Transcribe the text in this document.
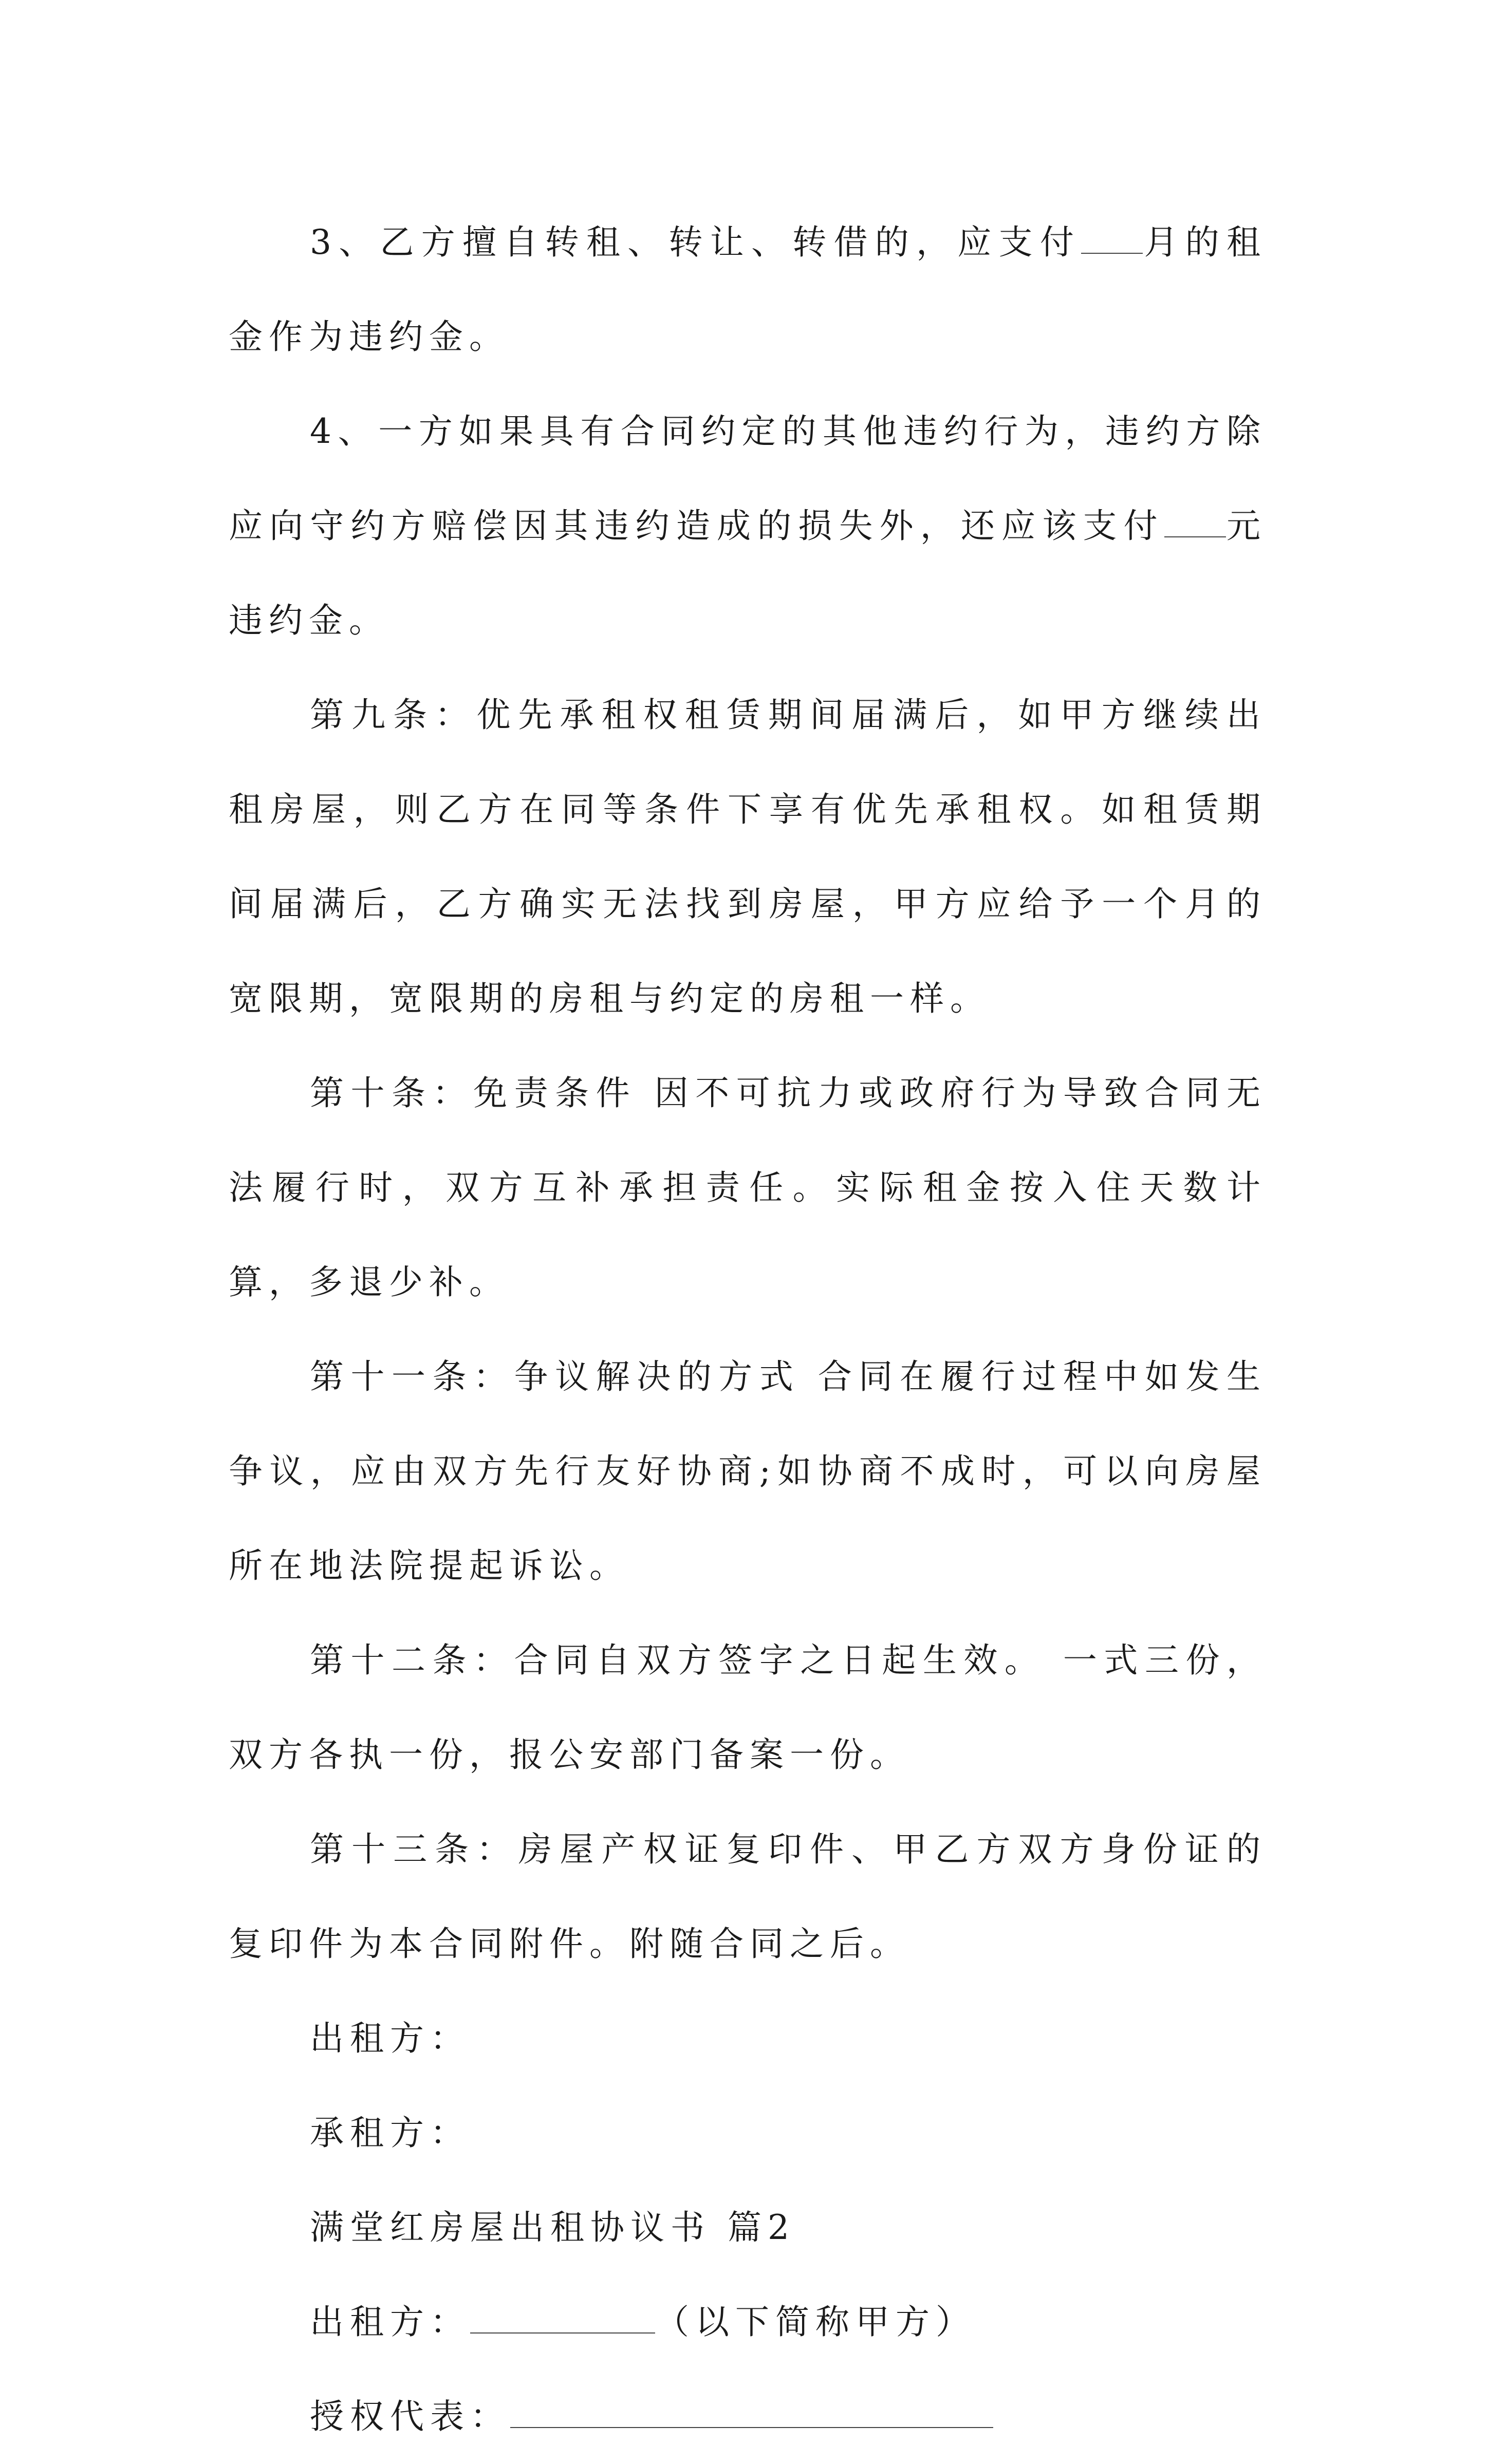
3、乙方擅自转租、转让、转借的，应支付 月的租金作为违约金。

4、一方如果具有合同约定的其他违约行为，违约方除应向守约方赔偿因其违约造成的损失外，还应该支付 元违约金。

第九条：优先承租权租赁期间届满后，如甲方继续出租房屋，则乙方在同等条件下享有优先承租权。如租赁期间届满后，乙方确实无法找到房屋，甲方应给予一个月的宽限期，宽限期的房租与约定的房租一样。

第十条：免责条件 因不可抗力或政府行为导致合同无法履行时，双方互补承担责任。实际租金按入住天数计算，多退少补。

第十一条：争议解决的方式 合同在履行过程中如发生争议，应由双方先行友好协商;如协商不成时，可以向房屋所在地法院提起诉讼。

第十二条：合同自双方签字之日起生效。 一式三份，双方各执一份，报公安部门备案一份。

第十三条：房屋产权证复印件、甲乙方双方身份证的复印件为本合同附件。附随合同之后。

出租方：

承租方：

满堂红房屋出租协议书 篇2

出租方：	（以下简称甲方）

授权代表：
